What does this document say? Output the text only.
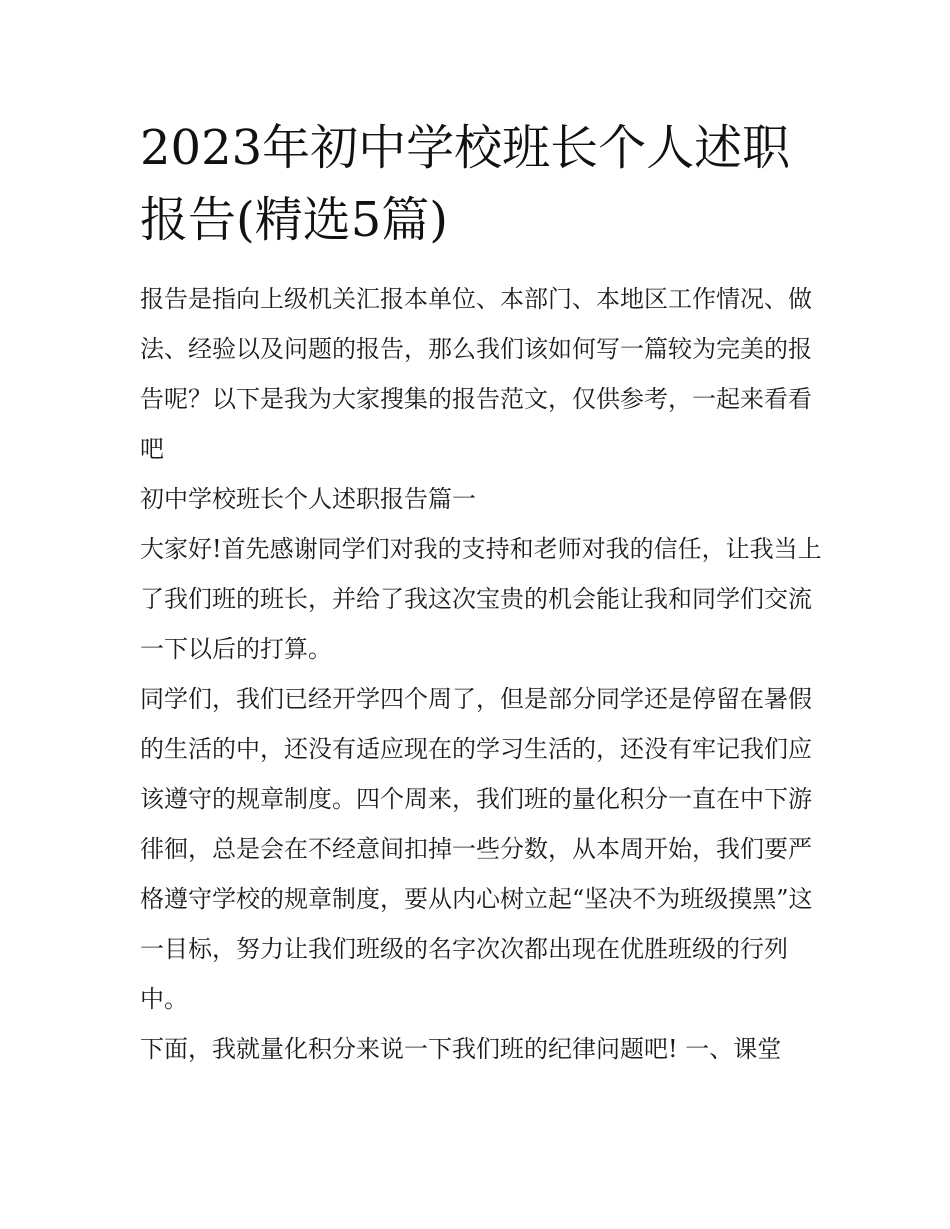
2023年初中学校班长个人述职报告(精选5篇)

报告是指向上级机关汇报本单位、本部门、本地区工作情况、做法、经验以及问题的报告，那么我们该如何写一篇较为完美的报告呢？以下是我为大家搜集的报告范文，仅供参考，一起来看看吧

初中学校班长个人述职报告篇一

大家好!首先感谢同学们对我的支持和老师对我的信任，让我当上了我们班的班长，并给了我这次宝贵的机会能让我和同学们交流一下以后的打算。

同学们，我们已经开学四个周了，但是部分同学还是停留在暑假的生活的中，还没有适应现在的学习生活的，还没有牢记我们应该遵守的规章制度。四个周来，我们班的量化积分一直在中下游徘徊，总是会在不经意间扣掉一些分数，从本周开始，我们要严格遵守学校的规章制度，要从内心树立起“坚决不为班级摸黑”这一目标，努力让我们班级的名字次次都出现在优胜班级的行列中。

下面，我就量化积分来说一下我们班的纪律问题吧! 一、课堂
